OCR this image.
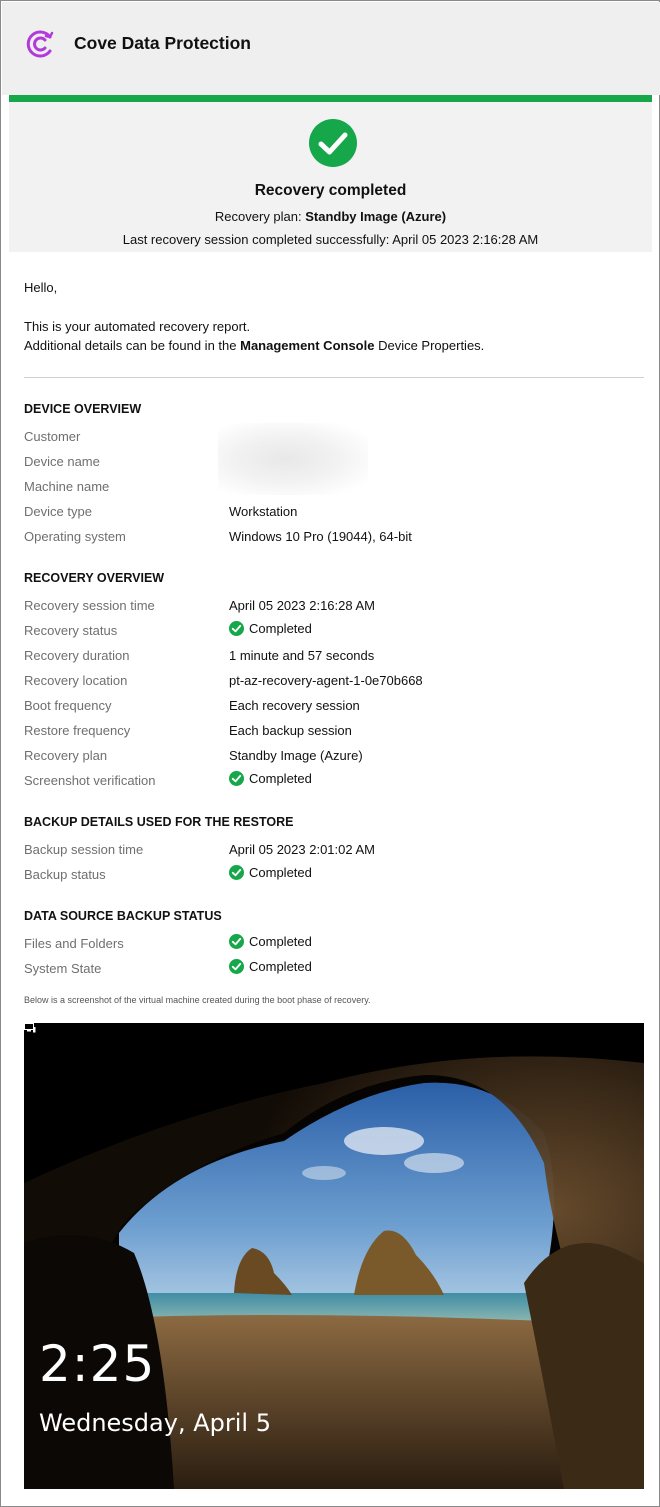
Cove Data Protection
Recovery completed
Recovery plan: Standby Image (Azure)
Last recovery session completed successfully: April 05 2023 2:16:28 AM
Hello,
This is your automated recovery report.
Additional details can be found in the Management Console Device Properties.
DEVICE OVERVIEW
Customer
Device name
Machine name
Device type	Workstation
Operating system	Windows 10 Pro (19044), 64-bit
RECOVERY OVERVIEW
Recovery session time	April 05 2023 2:16:28 AM
Recovery status	Completed
Recovery duration	1 minute and 57 seconds
Recovery location	pt-az-recovery-agent-1-0e70b668
Boot frequency	Each recovery session
Restore frequency	Each backup session
Recovery plan	Standby Image (Azure)
Screenshot verification	Completed
BACKUP DETAILS USED FOR THE RESTORE
Backup session time	April 05 2023 2:01:02 AM
Backup status	Completed
DATA SOURCE BACKUP STATUS
Files and Folders	Completed
System State	Completed
Below is a screenshot of the virtual machine created during the boot phase of recovery.
2:25
Wednesday, April 5
